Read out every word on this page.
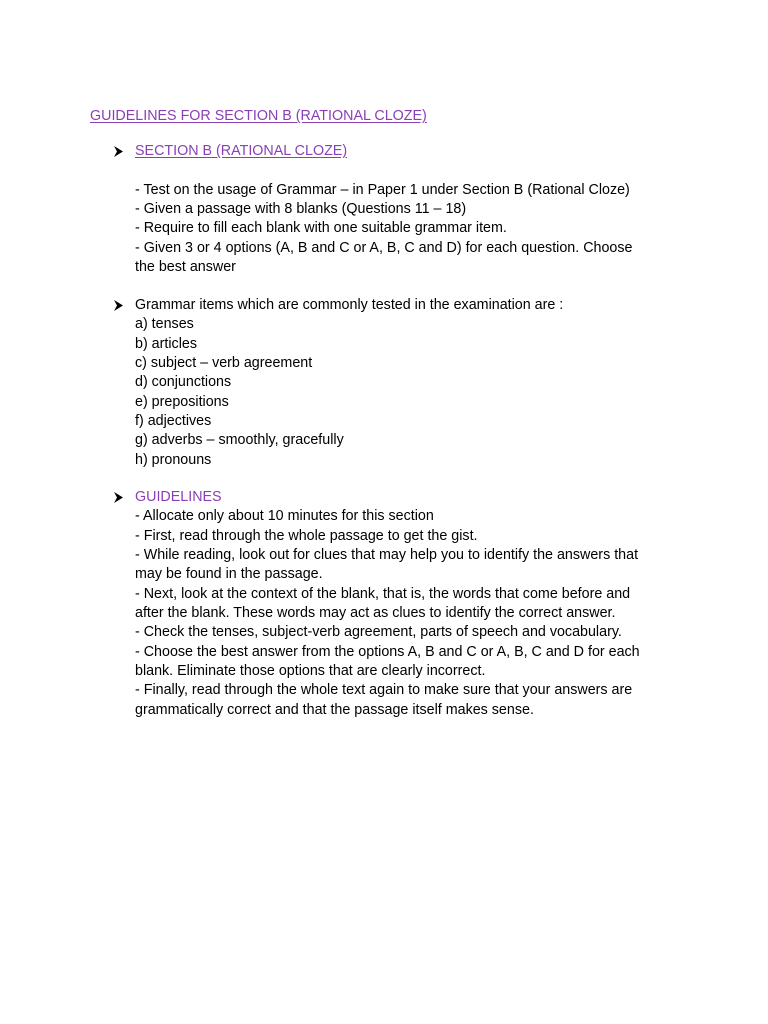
GUIDELINES FOR SECTION B (RATIONAL CLOZE)
SECTION B (RATIONAL CLOZE)
- Test on the usage of Grammar – in Paper 1 under Section B (Rational Cloze)
- Given a passage with 8 blanks (Questions 11 – 18)
- Require to fill each blank with one suitable grammar item.
- Given 3 or 4 options (A, B and C or A, B, C and D) for each question. Choose
the best answer
Grammar items which are commonly tested in the examination are :
a) tenses
b) articles
c) subject – verb agreement
d) conjunctions
e) prepositions
f) adjectives
g) adverbs – smoothly, gracefully
h) pronouns
GUIDELINES
- Allocate only about 10 minutes for this section
- First, read through the whole passage to get the gist.
- While reading, look out for clues that may help you to identify the answers that
may be found in the passage.
- Next, look at the context of the blank, that is, the words that come before and
after the blank. These words may act as clues to identify the correct answer.
- Check the tenses, subject-verb agreement, parts of speech and vocabulary.
- Choose the best answer from the options A, B and C or A, B, C and D for each
blank. Eliminate those options that are clearly incorrect.
- Finally, read through the whole text again to make sure that your answers are
grammatically correct and that the passage itself makes sense.
